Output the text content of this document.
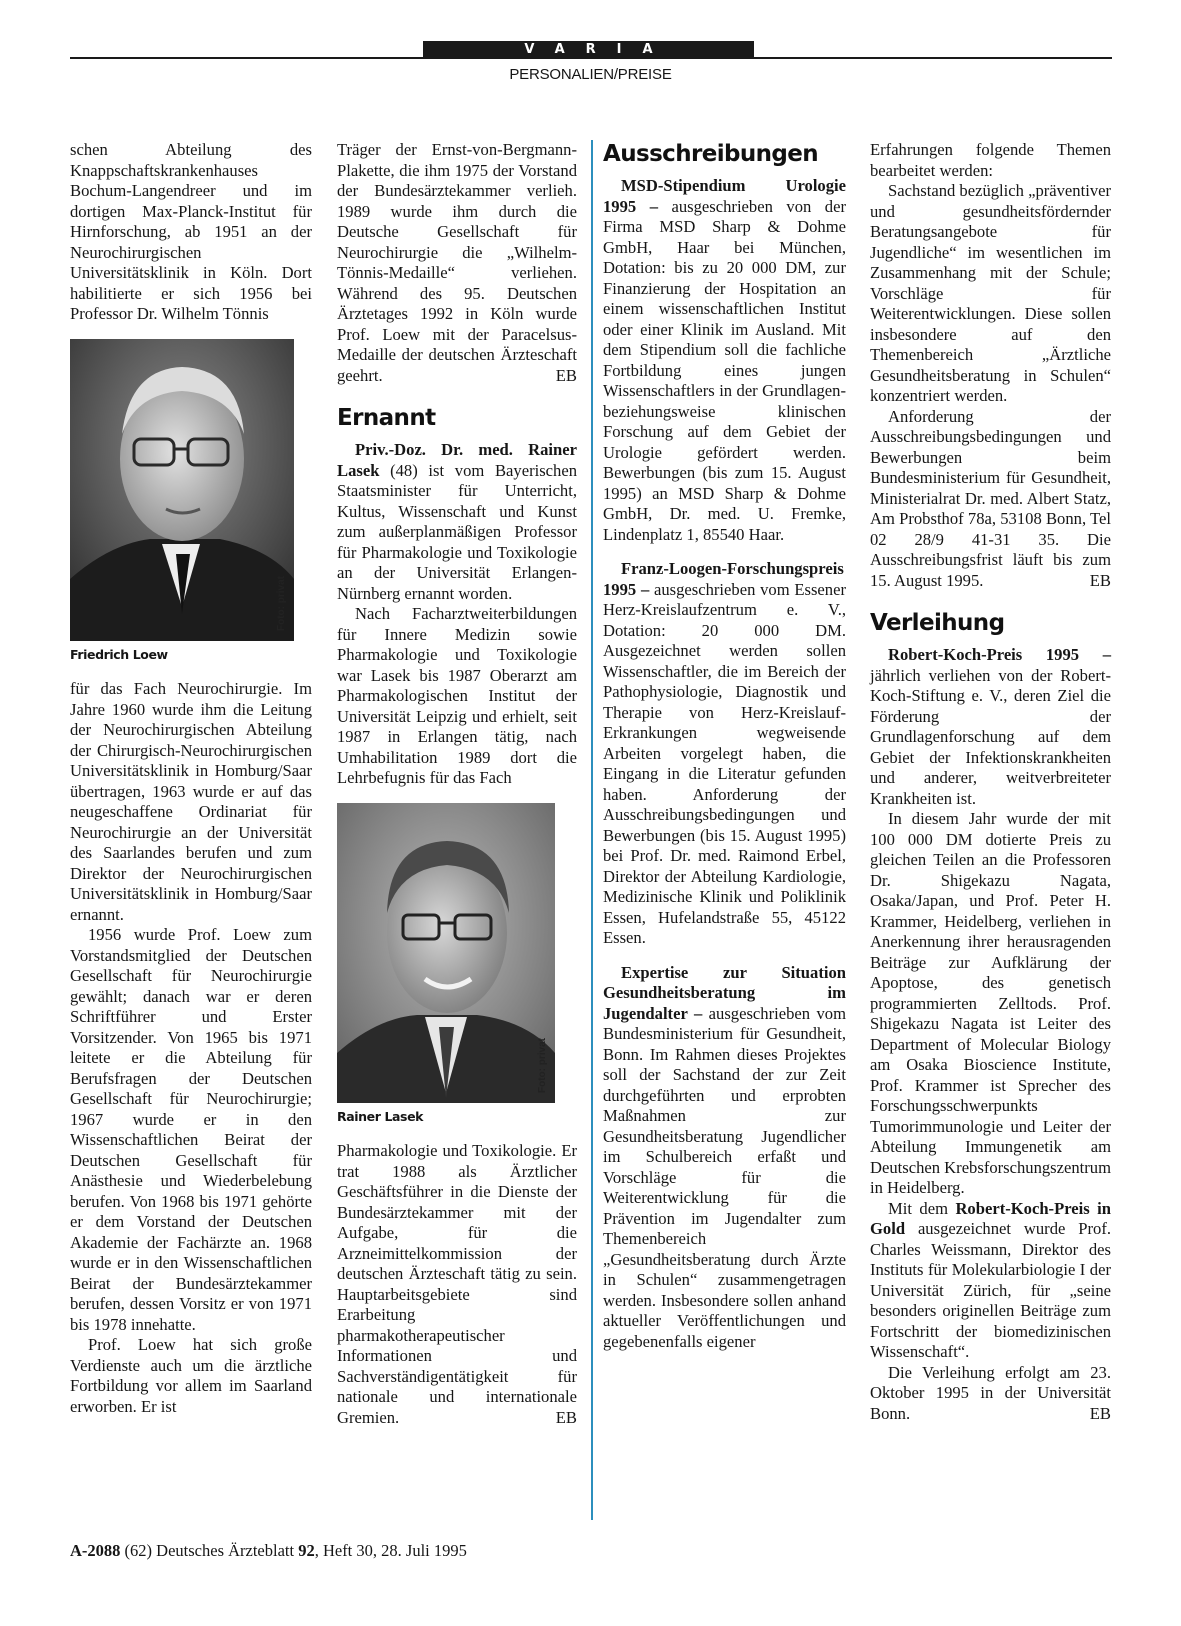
VARIA
PERSONALIEN/PREISE

schen Abteilung des Knappschaftskrankenhauses Bochum-Langendreer und im dortigen Max-Planck-Institut für Hirnforschung, ab 1951 an der Neurochirurgischen Universitätsklinik in Köln. Dort habilitierte er sich 1956 bei Professor Dr. Wilhelm Tönnis

Foto: privat
Friedrich Loew

für das Fach Neurochirurgie. Im Jahre 1960 wurde ihm die Leitung der Neurochirurgischen Abteilung der Chirurgisch-Neurochirurgischen Universitätsklinik in Homburg/Saar übertragen, 1963 wurde er auf das neugeschaffene Ordinariat für Neurochirurgie an der Universität des Saarlandes berufen und zum Direktor der Neurochirurgischen Universitätsklinik in Homburg/Saar ernannt.

1956 wurde Prof. Loew zum Vorstandsmitglied der Deutschen Gesellschaft für Neurochirurgie gewählt; danach war er deren Schriftführer und Erster Vorsitzender. Von 1965 bis 1971 leitete er die Abteilung für Berufsfragen der Deutschen Gesellschaft für Neurochirurgie; 1967 wurde er in den Wissenschaftlichen Beirat der Deutschen Gesellschaft für Anästhesie und Wiederbelebung berufen. Von 1968 bis 1971 gehörte er dem Vorstand der Deutschen Akademie der Fachärzte an. 1968 wurde er in den Wissenschaftlichen Beirat der Bundesärztekammer berufen, dessen Vorsitz er von 1971 bis 1978 innehatte.

Prof. Loew hat sich große Verdienste auch um die ärztliche Fortbildung vor allem im Saarland erworben. Er ist

Träger der Ernst-von-Bergmann-Plakette, die ihm 1975 der Vorstand der Bundesärztekammer verlieh. 1989 wurde ihm durch die Deutsche Gesellschaft für Neurochirurgie die „Wilhelm-Tönnis-Medaille“ verliehen. Während des 95. Deutschen Ärztetages 1992 in Köln wurde Prof. Loew mit der Paracelsus-Medaille der deutschen Ärzteschaft geehrt.	EB

Ernannt

Priv.-Doz. Dr. med. Rainer Lasek (48) ist vom Bayerischen Staatsminister für Unterricht, Kultus, Wissenschaft und Kunst zum außerplanmäßigen Professor für Pharmakologie und Toxikologie an der Universität Erlangen-Nürnberg ernannt worden.

Nach Facharztweiterbildungen für Innere Medizin sowie Pharmakologie und Toxikologie war Lasek bis 1987 Oberarzt am Pharmakologischen Institut der Universität Leipzig und erhielt, seit 1987 in Erlangen tätig, nach Umhabilitation 1989 dort die Lehrbefugnis für das Fach

Foto: privat
Rainer Lasek

Pharmakologie und Toxikologie. Er trat 1988 als Ärztlicher Geschäftsführer in die Dienste der Bundesärztekammer mit der Aufgabe, für die Arzneimittelkommission der deutschen Ärzteschaft tätig zu sein. Hauptarbeitsgebiete sind Erarbeitung pharmakotherapeutischer Informationen und Sachverständigentätigkeit für nationale und internationale Gremien.	EB

Ausschreibungen

MSD-Stipendium Urologie 1995 – ausgeschrieben von der Firma MSD Sharp & Dohme GmbH, Haar bei München, Dotation: bis zu 20 000 DM, zur Finanzierung der Hospitation an einem wissenschaftlichen Institut oder einer Klinik im Ausland. Mit dem Stipendium soll die fachliche Fortbildung eines jungen Wissenschaftlers in der Grundlagen- beziehungsweise klinischen Forschung auf dem Gebiet der Urologie gefördert werden. Bewerbungen (bis zum 15. August 1995) an MSD Sharp & Dohme GmbH, Dr. med. U. Fremke, Lindenplatz 1, 85540 Haar.

Franz-Loogen-Forschungspreis 1995 – ausgeschrieben vom Essener Herz-Kreislaufzentrum e. V., Dotation: 20 000 DM. Ausgezeichnet werden sollen Wissenschaftler, die im Bereich der Pathophysiologie, Diagnostik und Therapie von Herz-Kreislauf-Erkrankungen wegweisende Arbeiten vorgelegt haben, die Eingang in die Literatur gefunden haben. Anforderung der Ausschreibungsbedingungen und Bewerbungen (bis 15. August 1995) bei Prof. Dr. med. Raimond Erbel, Direktor der Abteilung Kardiologie, Medizinische Klinik und Poliklinik Essen, Hufelandstraße 55, 45122 Essen.

Expertise zur Situation Gesundheitsberatung im Jugendalter – ausgeschrieben vom Bundesministerium für Gesundheit, Bonn. Im Rahmen dieses Projektes soll der Sachstand der zur Zeit durchgeführten und erprobten Maßnahmen zur Gesundheitsberatung Jugendlicher im Schulbereich erfaßt und Vorschläge für die Weiterentwicklung für die Prävention im Jugendalter zum Themenbereich „Gesundheitsberatung durch Ärzte in Schulen“ zusammengetragen werden. Insbesondere sollen anhand aktueller Veröffentlichungen und gegebenenfalls eigener

Erfahrungen folgende Themen bearbeitet werden:

Sachstand bezüglich „präventiver und gesundheitsfördernder Beratungsangebote für Jugendliche“ im wesentlichen im Zusammenhang mit der Schule; Vorschläge für Weiterentwicklungen. Diese sollen insbesondere auf den Themenbereich „Ärztliche Gesundheitsberatung in Schulen“ konzentriert werden.

Anforderung der Ausschreibungsbedingungen und Bewerbungen beim Bundesministerium für Gesundheit, Ministerialrat Dr. med. Albert Statz, Am Probsthof 78a, 53108 Bonn, Tel 02 28/9 41-31 35. Die Ausschreibungsfrist läuft bis zum 15. August 1995.	EB

Verleihung

Robert-Koch-Preis 1995 – jährlich verliehen von der Robert-Koch-Stiftung e. V., deren Ziel die Förderung der Grundlagenforschung auf dem Gebiet der Infektionskrankheiten und anderer, weitverbreiteter Krankheiten ist.

In diesem Jahr wurde der mit 100 000 DM dotierte Preis zu gleichen Teilen an die Professoren Dr. Shigekazu Nagata, Osaka/Japan, und Prof. Peter H. Krammer, Heidelberg, verliehen in Anerkennung ihrer herausragenden Beiträge zur Aufklärung der Apoptose, des genetisch programmierten Zelltods. Prof. Shigekazu Nagata ist Leiter des Department of Molecular Biology am Osaka Bioscience Institute, Prof. Krammer ist Sprecher des Forschungsschwerpunkts Tumorimmunologie und Leiter der Abteilung Immungenetik am Deutschen Krebsforschungszentrum in Heidelberg.

Mit dem Robert-Koch-Preis in Gold ausgezeichnet wurde Prof. Charles Weissmann, Direktor des Instituts für Molekularbiologie I der Universität Zürich, für „seine besonders originellen Beiträge zum Fortschritt der biomedizinischen Wissenschaft“.

Die Verleihung erfolgt am 23. Oktober 1995 in der Universität Bonn.	EB

A-2088 (62) Deutsches Ärzteblatt 92, Heft 30, 28. Juli 1995
